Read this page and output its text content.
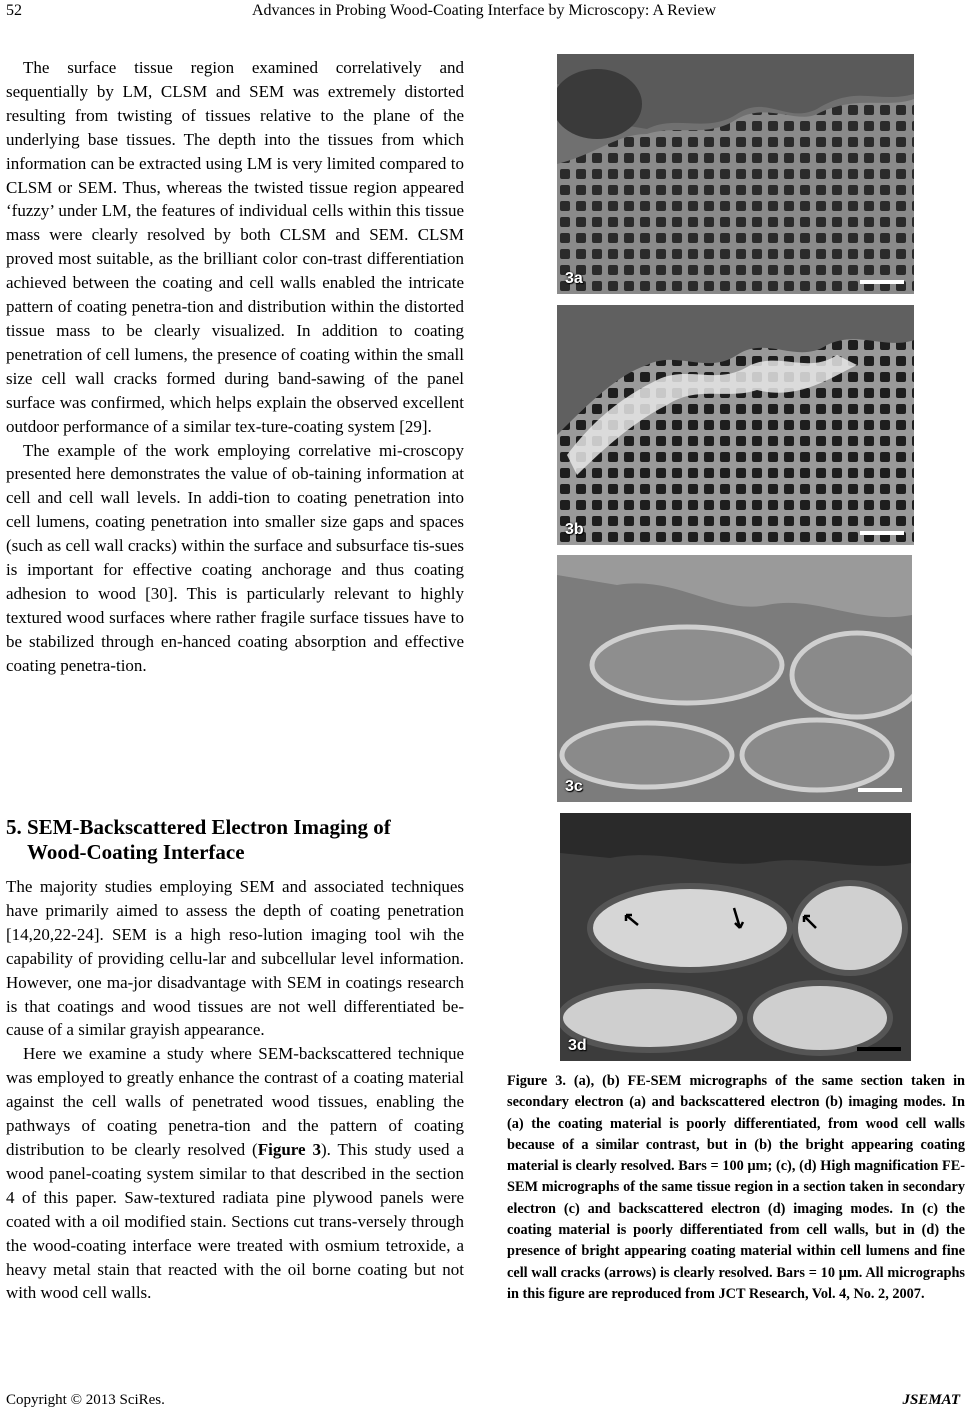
52	Advances in Probing Wood-Coating Interface by Microscopy: A Review

The surface tissue region examined correlatively and sequentially by LM, CLSM and SEM was extremely distorted resulting from twisting of tissues relative to the plane of the underlying base tissues. The depth into the tissues from which information can be extracted using LM is very limited compared to CLSM or SEM. Thus, whereas the twisted tissue region appeared ‘fuzzy’ under LM, the features of individual cells within this tissue mass were clearly resolved by both CLSM and SEM. CLSM proved most suitable, as the brilliant color con-trast differentiation achieved between the coating and cell walls enabled the intricate pattern of coating penetra-tion and distribution within the distorted tissue mass to be clearly visualized. In addition to coating penetration of cell lumens, the presence of coating within the small size cell wall cracks formed during band-sawing of the panel surface was confirmed, which helps explain the observed excellent outdoor performance of a similar tex-ture-coating system [29].

The example of the work employing correlative mi-croscopy presented here demonstrates the value of ob-taining information at cell and cell wall levels. In addi-tion to coating penetration into cell lumens, coating penetration into smaller size gaps and spaces (such as cell wall cracks) within the surface and subsurface tis-sues is important for effective coating anchorage and thus coating adhesion to wood [30]. This is particularly relevant to highly textured wood surfaces where rather fragile surface tissues have to be stabilized through en-hanced coating absorption and effective coating penetra-tion.

5. SEM-Backscattered Electron Imaging of
Wood-Coating Interface

The majority studies employing SEM and associated techniques have primarily aimed to assess the depth of coating penetration [14,20,22-24]. SEM is a high reso-lution imaging tool wih the capability of providing cellu-lar and subcellular level information. However, one ma-jor disadvantage with SEM in coatings research is that coatings and wood tissues are not well differentiated be-cause of a similar grayish appearance.

Here we examine a study where SEM-backscattered technique was employed to greatly enhance the contrast of a coating material against the cell walls of penetrated wood tissues, enabling the pathways of coating penetra-tion and the pattern of coating distribution to be clearly resolved (Figure 3). This study used a wood panel-coating system similar to that described in the section 4 of this paper. Saw-textured radiata pine plywood panels were coated with a oil modified stain. Sections cut trans-versely through the wood-coating interface were treated with osmium tetroxide, a heavy metal stain that reacted with the oil borne coating but not with wood cell walls.

3a
3b
3c
3d
Figure 3. (a), (b) FE-SEM micrographs of the same section taken in secondary electron (a) and backscattered electron (b) imaging modes. In (a) the coating material is poorly differentiated, from wood cell walls because of a similar contrast, but in (b) the bright appearing coating material is clearly resolved. Bars = 100 μm; (c), (d) High magnification FE-SEM micrographs of the same tissue region in a section taken in secondary electron (c) and backscattered electron (d) imaging modes. In (c) the coating material is poorly differentiated from cell walls, but in (d) the presence of bright appearing coating material within cell lumens and fine cell wall cracks (arrows) is clearly resolved. Bars = 10 μm. All micrographs in this figure are reproduced from JCT Research, Vol. 4, No. 2, 2007.
Copyright © 2013 SciRes.	JSEMAT
